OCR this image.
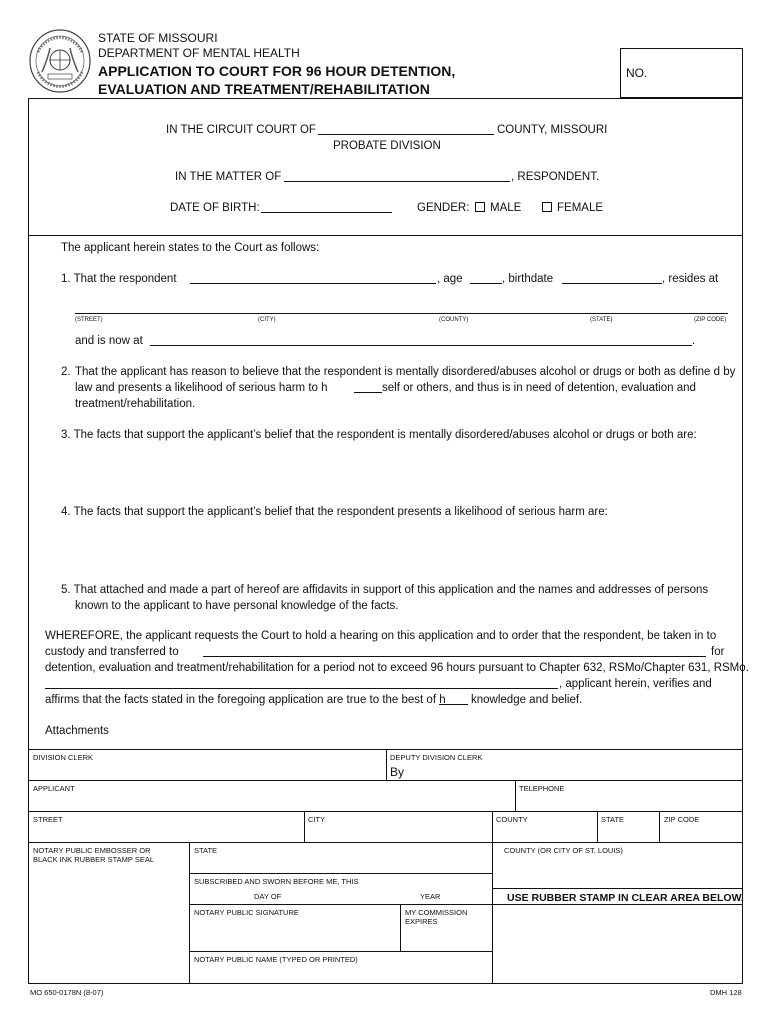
STATE OF MISSOURI
DEPARTMENT OF MENTAL HEALTH
APPLICATION TO COURT FOR 96 HOUR DETENTION,
EVALUATION AND TREATMENT/REHABILITATION
NO.
IN THE CIRCUIT COURT OF	COUNTY, MISSOURI
PROBATE DIVISION
IN THE MATTER OF	, RESPONDENT.
DATE OF BIRTH:	GENDER: MALE	FEMALE
The applicant herein states to the Court as follows:
1. That the respondent	, age	, birthdate	, resides at
(STREET)	(CITY)	(COUNTY)	(STATE)	(ZIP CODE)
and is now at	.
2. That the applicant has reason to believe that the respondent is mentally disordered/abuses alcohol or drugs or both as define d by
law and presents a likelihood of serious harm to h	self or others, and thus is in need of detention, evaluation and
treatment/rehabilitation.
3. The facts that support the applicant’s belief that the respondent is mentally disordered/abuses alcohol or drugs or both are:
4. The facts that support the applicant’s belief that the respondent presents a likelihood of serious harm are:
5. That attached and made a part of hereof are affidavits in support of this application and the names and addresses of persons
known to the applicant to have personal knowledge of the facts.
WHEREFORE, the applicant requests the Court to hold a hearing on this application and to order that the respondent, be taken in to
custody and transferred to	for
detention, evaluation and treatment/rehabilitation for a period not to exceed 96 hours pursuant to Chapter 632, RSMo/Chapter 631, RSMo.
, applicant herein, verifies and
affirms that the facts stated in the foregoing application are true to the best of h knowledge and belief.
Attachments
DIVISION CLERK	DEPUTY DIVISION CLERK
By
APPLICANT	TELEPHONE
STREET	CITY	COUNTY	STATE	ZIP CODE
NOTARY PUBLIC EMBOSSER OR
BLACK INK RUBBER STAMP SEAL
STATE	COUNTY (OR CITY OF ST. LOUIS)
SUBSCRIBED AND SWORN BEFORE ME, THIS
DAY OF	YEAR	USE RUBBER STAMP IN CLEAR AREA BELOW.
NOTARY PUBLIC SIGNATURE	MY COMMISSION
EXPIRES
NOTARY PUBLIC NAME (TYPED OR PRINTED)
MO 650-0178N (8-07)	DMH 128
